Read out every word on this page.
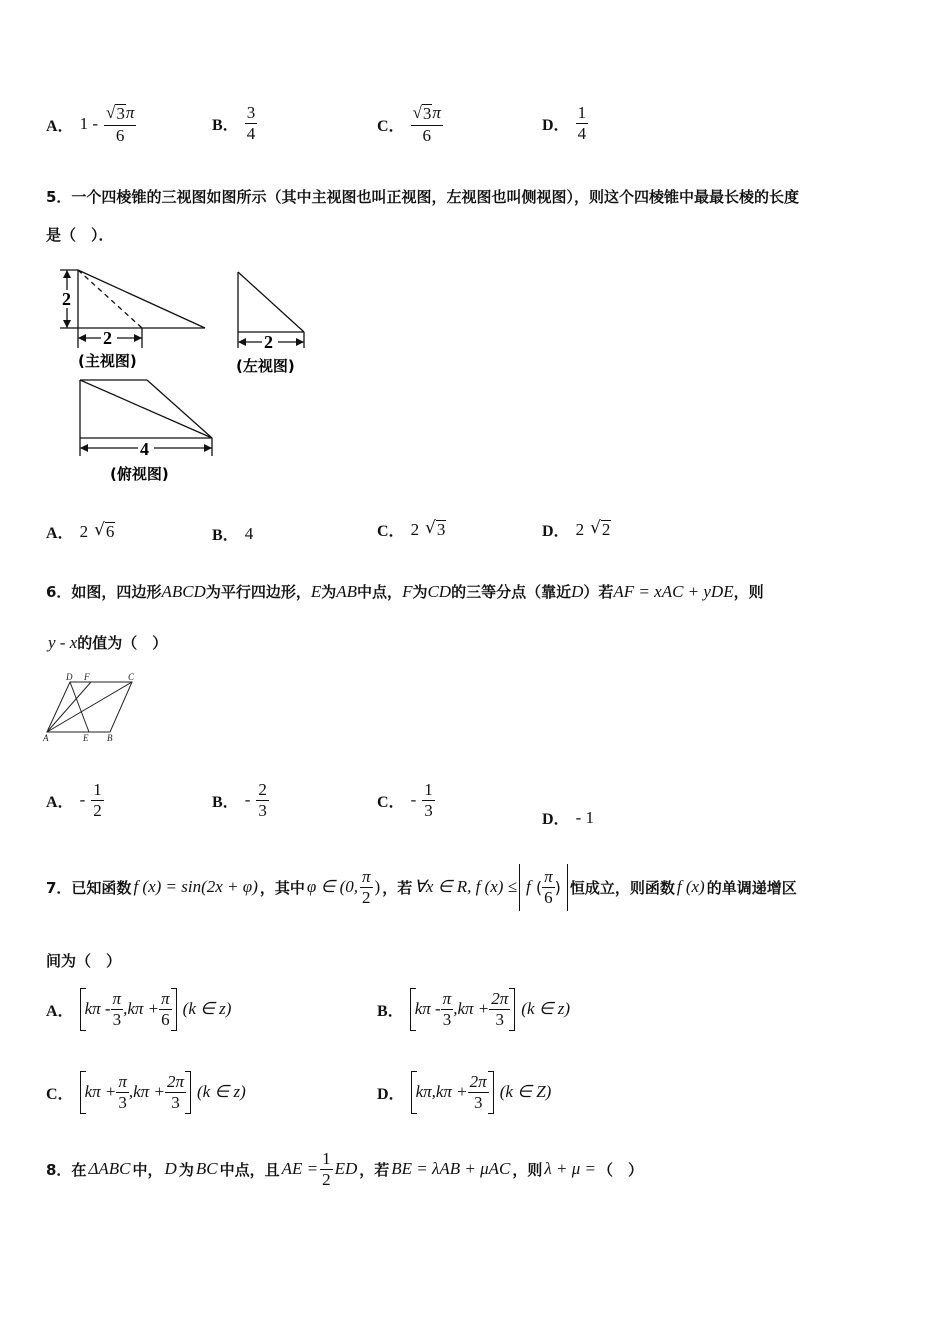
A． $1 - \frac{√ 3 \pi}{6}$	B． $\frac{3}{4}$	C． $\frac{√ 3 \pi}{6}$	D． $\frac{1}{4}$
5．一个四棱锥的三视图如图所示（其中主视图也叫正视图，左视图也叫侧视图），则这个四棱锥中最最长棱的长度
是（　）．
2
2
(主视图)
2
(左视图)
4
(俯视图)
A． 2 √ 6	B． 4	C． 2 √ 3	D． 2 √ 2
6．如图，四边形ABCD为平行四边形，E为AB中点，F为CD的三等分点（靠近D）若AF = xAC + yDE，则
y - x的值为（　）
D F	C
A	E B
A． - $\frac{1}{2}$	B． - $\frac{2}{3}$	C． - $\frac{1}{3}$	D． - 1
7．已知函数 f (x) = sin(2x + φ) ，其中 φ ∈ (0, $\frac{\pi}{2}$ ) ，若 ∀x ∈ R, f (x) ≤ f ( $\frac{\pi}{6}$ ) 恒成立，则函数 f (x) 的单调递增区
间为（　）
A． $k\pi - \frac{\pi}{3} ,k\pi + \frac{\pi}{6} (k$ ∈ z)	B． $k\pi - \frac{\pi}{3} ,k\pi + \frac{2\pi}{3} (k$ ∈ z)
C． $k\pi + \frac{\pi}{3} ,k\pi + \frac{2\pi}{3} (k$ ∈ z)	D． $k\pi,k\pi + \frac{2\pi}{3} (k$ ∈ Z)
8．在 ΔABC 中， D 为 BC 中点，且 AE = $\frac{1}{2}$ ED ，若 BE = λAB + μAC ，则 λ + μ = （　）
